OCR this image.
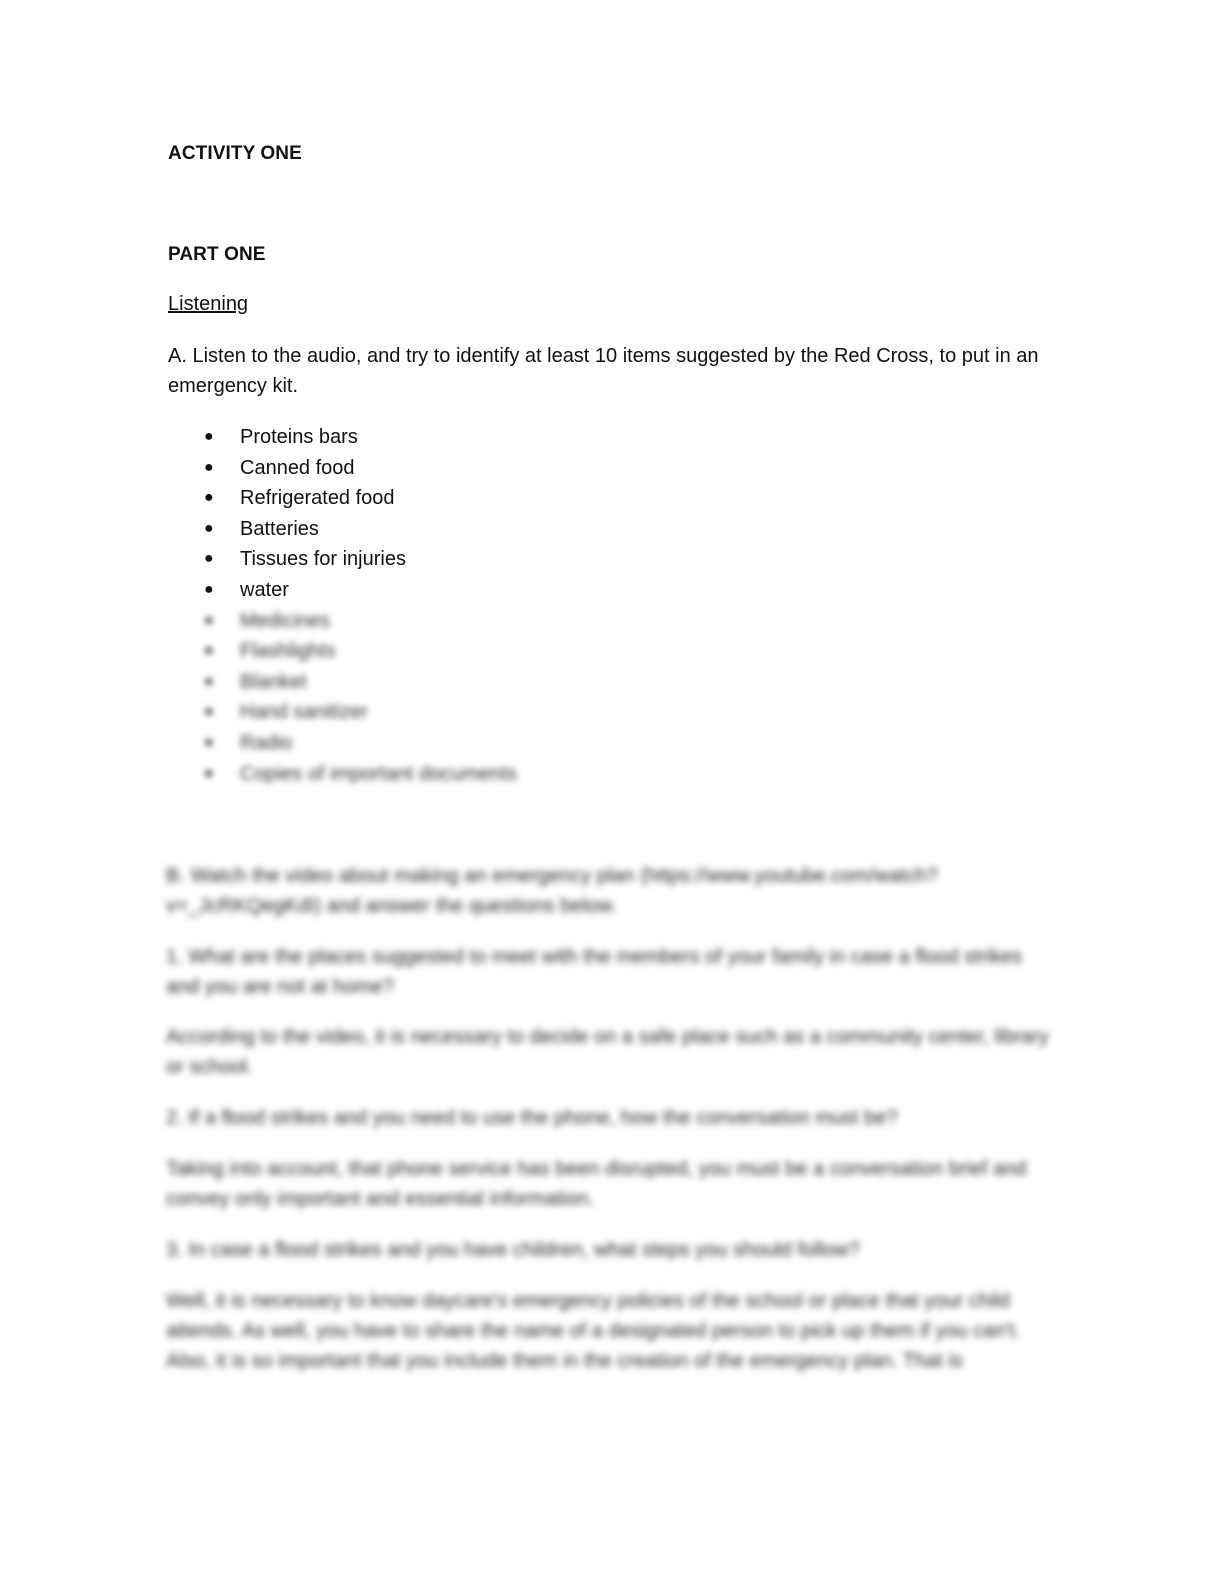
ACTIVITY ONE
PART ONE
Listening
A. Listen to the audio, and try to identify at least 10 items suggested by the Red Cross, to put in an emergency kit.
●	Proteins bars
●	Canned food
●	Refrigerated food
●	Batteries
●	Tissues for injuries
●	water
●	Medicines
●	Flashlights
●	Blanket
●	Hand sanitizer
●	Radio
●	Copies of important documents
B. Watch the video about making an emergency plan (https://www.youtube.com/watch?v=_JcRKQegKdI) and answer the questions below.
1. What are the places suggested to meet with the members of your family in case a flood strikes and you are not at home?
According to the video, it is necessary to decide on a safe place such as a community center, library or school.
2. If a flood strikes and you need to use the phone, how the conversation must be?
Taking into account, that phone service has been disrupted, you must be a conversation brief and convey only important and essential information.
3. In case a flood strikes and you have children, what steps you should follow?
Well, it is necessary to know daycare's emergency policies of the school or place that your child attends. As well, you have to share the name of a designated person to pick up them if you can't. Also, it is so important that you include them in the creation of the emergency plan. That is
